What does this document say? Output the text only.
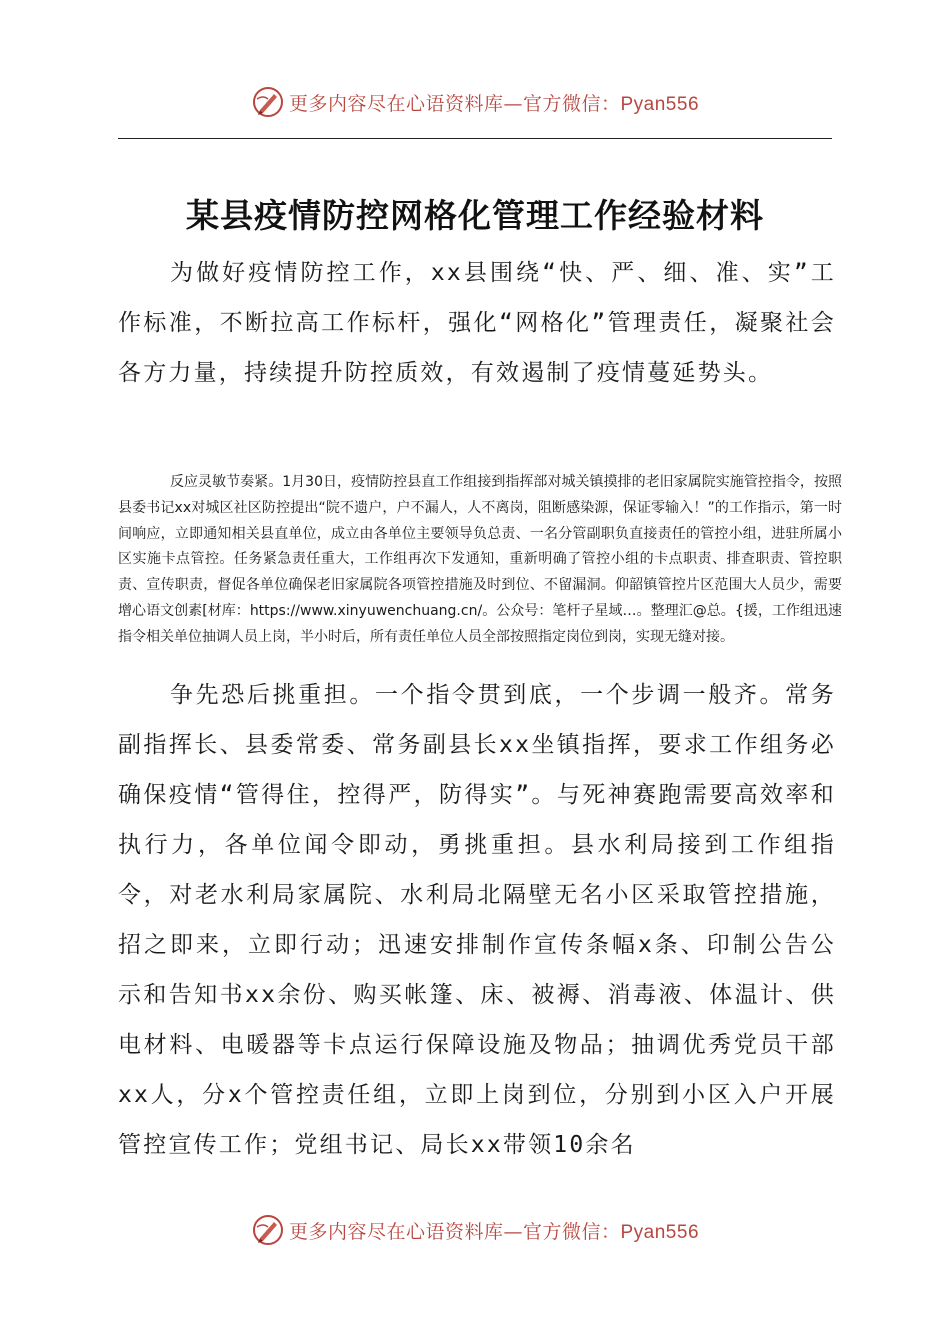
更多内容尽在心语资料库—官方微信：Pyan556
某县疫情防控网格化管理工作经验材料

为做好疫情防控工作，xx县围绕“快、严、细、准、实”工作标准，不断拉高工作标杆，强化“网格化”管理责任，凝聚社会各方力量，持续提升防控质效，有效遏制了疫情蔓延势头。

反应灵敏节奏紧。1月30日，疫情防控县直工作组接到指挥部对城关镇摸排的老旧家属院实施管控指令，按照县委书记xx对城区社区防控提出“院不遗户，户不漏人，人不离岗，阻断感染源，保证零输入！”的工作指示，第一时间响应，立即通知相关县直单位，成立由各单位主要领导负总责、一名分管副职负直接责任的管控小组，进驻所属小区实施卡点管控。任务紧急责任重大，工作组再次下发通知，重新明确了管控小组的卡点职责、排查职责、管控职责、宣传职责，督促各单位确保老旧家属院各项管控措施及时到位、不留漏洞。仰韶镇管控片区范围大人员少，需要增心语文创素[材库：https://www.xinyuwenchuang.cn/。公众号：笔杆子星域…。整理汇@总。{援，工作组迅速指令相关单位抽调人员上岗，半小时后，所有责任单位人员全部按照指定岗位到岗，实现无缝对接。

争先恐后挑重担。一个指令贯到底，一个步调一般齐。常务副指挥长、县委常委、常务副县长xx坐镇指挥，要求工作组务必确保疫情“管得住，控得严，防得实”。与死神赛跑需要高效率和执行力，各单位闻令即动，勇挑重担。县水利局接到工作组指令，对老水利局家属院、水利局北隔壁无名小区采取管控措施，招之即来，立即行动；迅速安排制作宣传条幅x条、印制公告公示和告知书xx余份、购买帐篷、床、被褥、消毒液、体温计、供电材料、电暖器等卡点运行保障设施及物品；抽调优秀党员干部xx人，分x个管控责任组，立即上岗到位，分别到小区入户开展管控宣传工作；党组书记、局长xx带领10余名

更多内容尽在心语资料库—官方微信：Pyan556
